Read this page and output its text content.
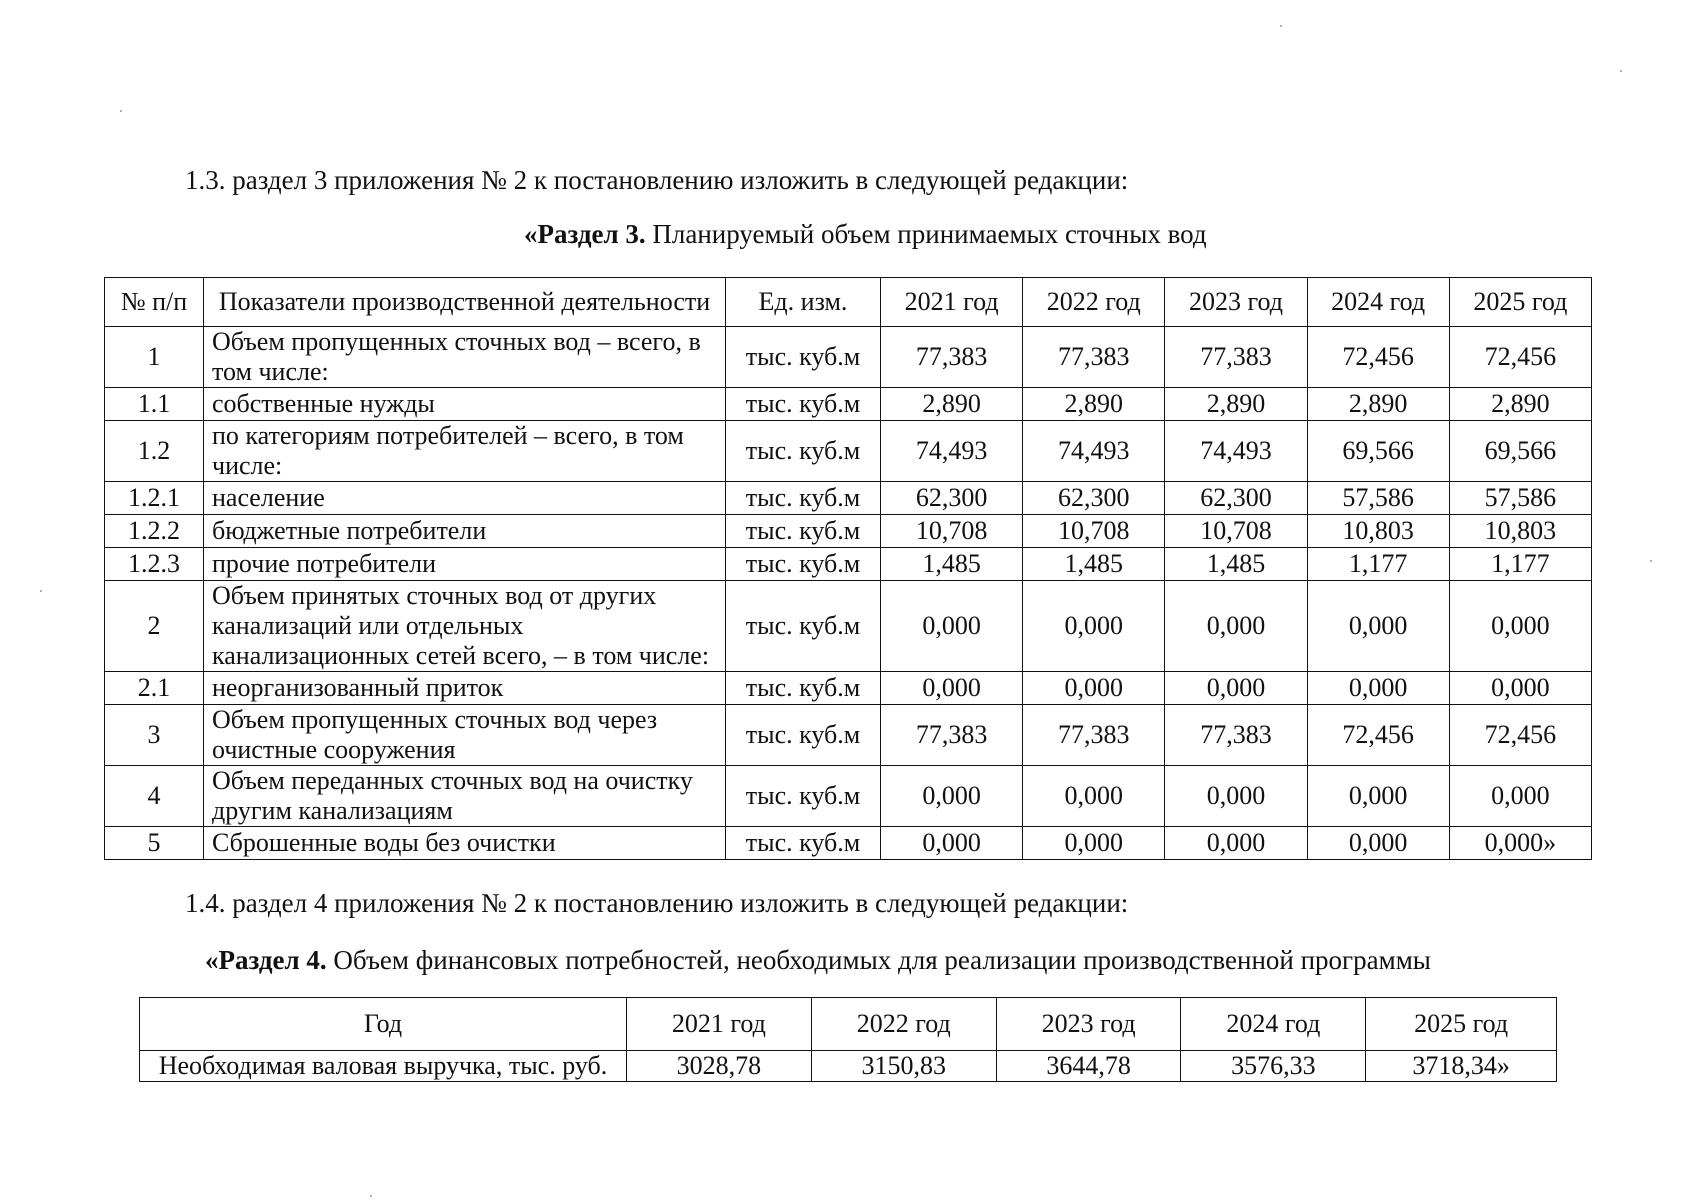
1.3. раздел 3 приложения № 2 к постановлению изложить в следующей редакции:
«Раздел 3. Планируемый объем принимаемых сточных вод
№ п/п	Показатели производственной деятельности	Ед. изм.	2021 год	2022 год	2023 год	2024 год	2025 год
1	Объем пропущенных сточных вод – всего, в том числе:	тыс. куб.м	77,383	77,383	77,383	72,456	72,456
1.1	собственные нужды	тыс. куб.м	2,890	2,890	2,890	2,890	2,890
1.2	по категориям потребителей – всего, в том числе:	тыс. куб.м	74,493	74,493	74,493	69,566	69,566
1.2.1	население	тыс. куб.м	62,300	62,300	62,300	57,586	57,586
1.2.2	бюджетные потребители	тыс. куб.м	10,708	10,708	10,708	10,803	10,803
1.2.3	прочие потребители	тыс. куб.м	1,485	1,485	1,485	1,177	1,177
2	Объем принятых сточных вод от других канализаций или отдельных канализационных сетей всего, – в том числе:	тыс. куб.м	0,000	0,000	0,000	0,000	0,000
2.1	неорганизованный приток	тыс. куб.м	0,000	0,000	0,000	0,000	0,000
3	Объем пропущенных сточных вод через очистные сооружения	тыс. куб.м	77,383	77,383	77,383	72,456	72,456
4	Объем переданных сточных вод на очистку другим канализациям	тыс. куб.м	0,000	0,000	0,000	0,000	0,000
5	Сброшенные воды без очистки	тыс. куб.м	0,000	0,000	0,000	0,000	0,000»
1.4. раздел 4 приложения № 2 к постановлению изложить в следующей редакции:
«Раздел 4. Объем финансовых потребностей, необходимых для реализации производственной программы
Год	2021 год	2022 год	2023 год	2024 год	2025 год
Необходимая валовая выручка, тыс. руб.	3028,78	3150,83	3644,78	3576,33	3718,34»
